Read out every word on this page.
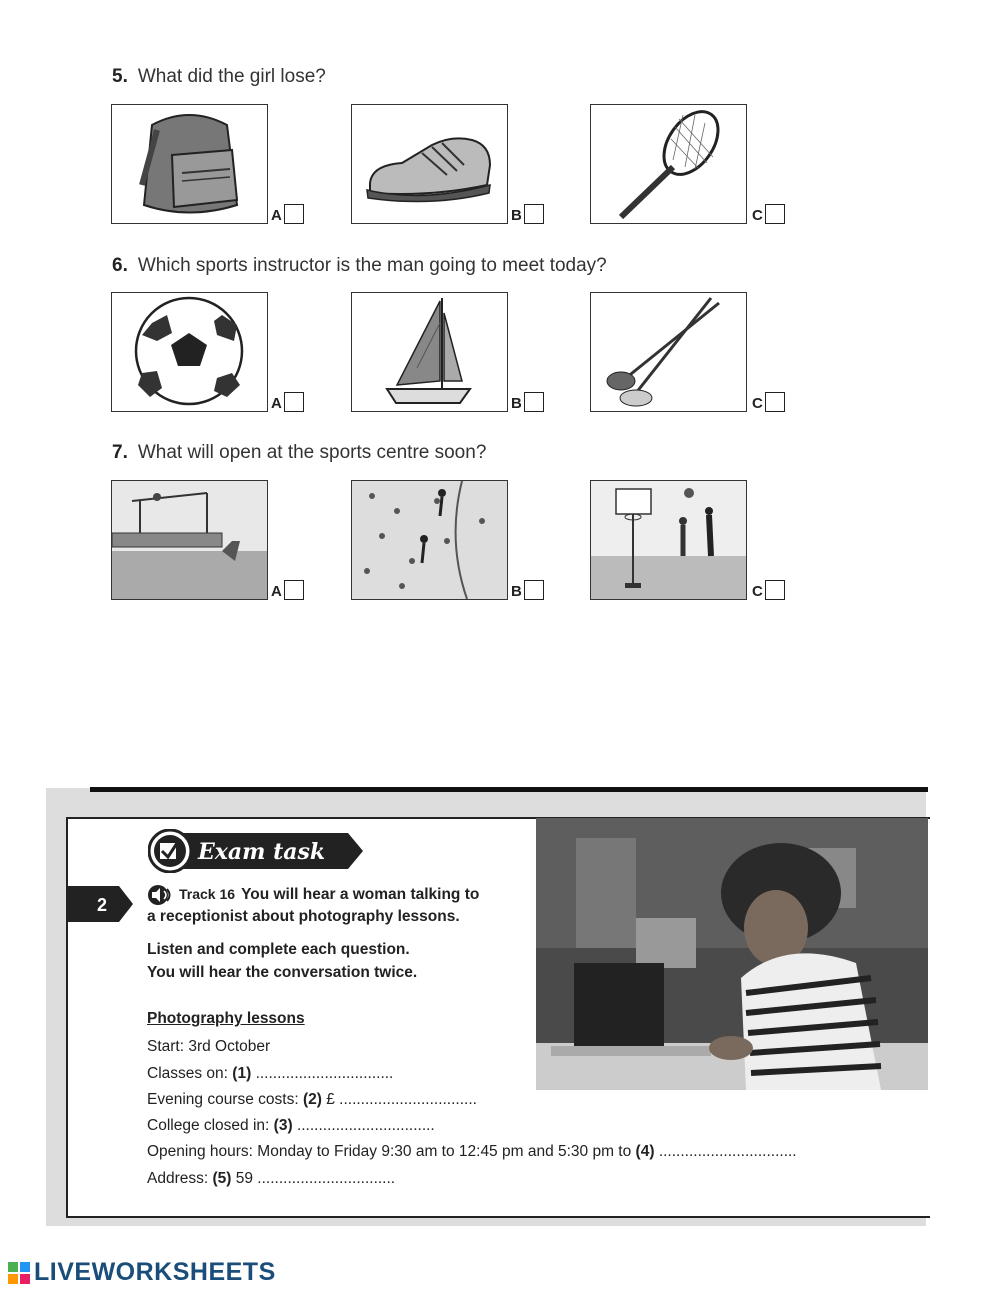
5. What did the girl lose?
A	B	C
6. Which sports instructor is the man going to meet today?
A	B	C
7. What will open at the sports centre soon?
A	B	C
Exam task
2
Track 16 You will hear a woman talking to
a receptionist about photography lessons.
Listen and complete each question.
You will hear the conversation twice.
Photography lessons
Start: 3rd October
Classes on: (1) ................................
Evening course costs: (2) £ ................................
College closed in: (3) ................................
Opening hours: Monday to Friday 9:30 am to 12:45 pm and 5:30 pm to (4) ................................
Address: (5) 59 ................................
LIVEWORKSHEETS
